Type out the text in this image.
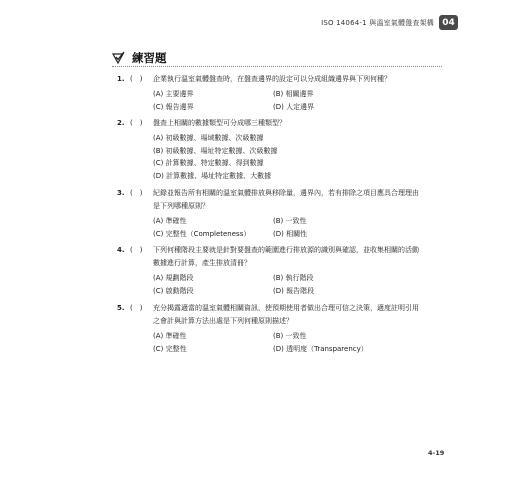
ISO 14064-1 與溫室氣體盤查架構 04
練習題
1. (　) 企業執行溫室氣體盤查時，在盤查邊界的設定可以分成組織邊界與下列何種？
(A) 主要邊界	(B) 相關邊界
(C) 報告邊界	(D) 人定邊界
2. (　) 盤查上相關的數據類型可分成哪三種類型？
(A) 初級數據、場域數據、次級數據
(B) 初級數據、場址特定數據、次級數據
(C) 計算數據、特定數據、得到數據
(D) 計算數據、場址特定數據、大數據
3. (　) 紀錄並報告所有相關的溫室氣體排放與移除量，邊界內，若有排除之項目應具合理理由是下列哪種原則？
(A) 準確性	(B) 一致性
(C) 完整性（Completeness）	(D) 相關性
4. (　) 下列何種階段主要就是針對要盤查的範圍進行排放源的識別與確認，並收集相關的活動數據進行計算，產生排放清冊？
(A) 規劃階段	(B) 執行階段
(C) 啟動階段	(D) 報告階段
5. (　) 充分揭露適當的溫室氣體相關資訊，使預期使用者做出合理可信之決策，適度註明引用之會計與計算方法出處是下列何種原則描述？
(A) 準確性	(B) 一致性
(C) 完整性	(D) 透明度（Transparency）
4-19
